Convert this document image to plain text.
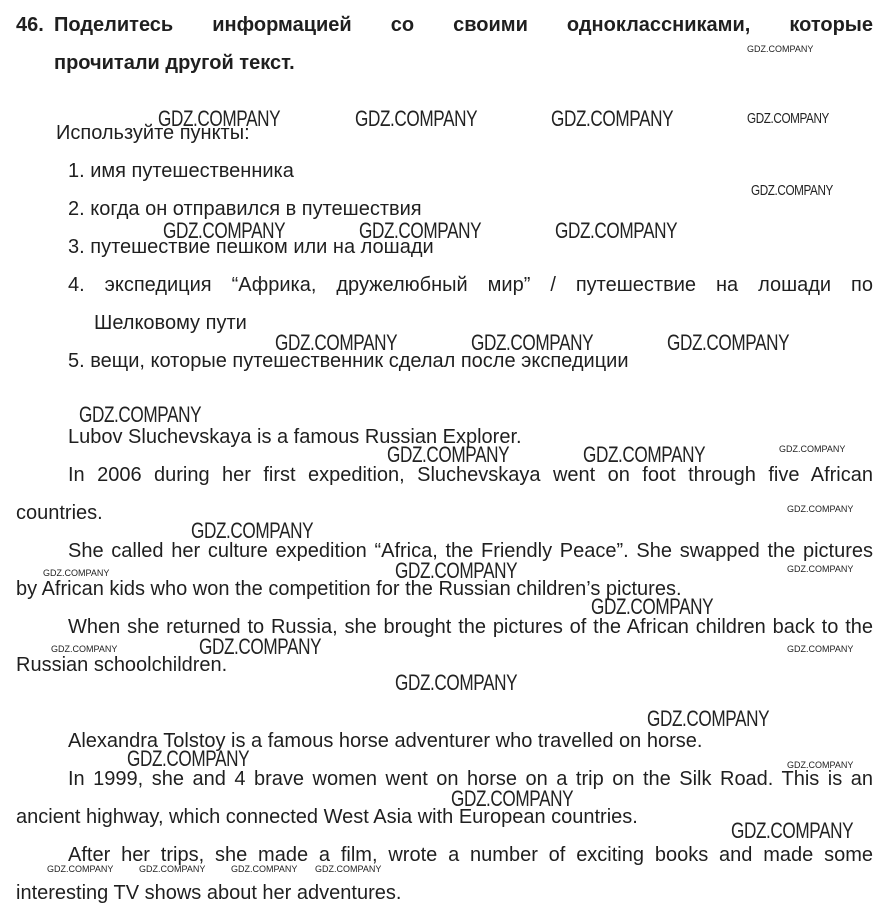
46. Поделитесь информацией со своими одноклассниками, которые
прочитали другой текст.
Используйте пункты:
1. имя путешественника
2. когда он отправился в путешествия
3. путешествие пешком или на лошади
4. экспедиция “Африка, дружелюбный мир” / путешествие на лошади по
Шелковому пути
5. вещи, которые путешественник сделал после экспедиции

Lubov Sluchevskaya is a famous Russian Explorer.

In 2006 during her first expedition, Sluchevskaya went on foot through five African countries.

She called her culture expedition “Africa, the Friendly Peace”. She swapped the pictures by African kids who won the competition for the Russian children’s pictures.

When she returned to Russia, she brought the pictures of the African children back to the Russian schoolchildren.

Alexandra Tolstoy is a famous horse adventurer who travelled on horse.

In 1999, she and 4 brave women went on horse on a trip on the Silk Road. This is an ancient highway, which connected West Asia with European countries.

After her trips, she made a film, wrote a number of exciting books and made some interesting TV shows about her adventures.

GDZ.COMPANY
GDZ.COMPANY	GDZ.COMPANY	GDZ.COMPANY	GDZ.COMPANY
GDZ.COMPANY
GDZ.COMPANY	GDZ.COMPANY	GDZ.COMPANY
GDZ.COMPANY	GDZ.COMPANY	GDZ.COMPANY
GDZ.COMPANY
GDZ.COMPANY	GDZ.COMPANY	GDZ.COMPANY
GDZ.COMPANY
GDZ.COMPANY
GDZ.COMPANY	GDZ.COMPANY	GDZ.COMPANY
GDZ.COMPANY
GDZ.COMPANY	GDZ.COMPANY	GDZ.COMPANY
GDZ.COMPANY
GDZ.COMPANY
GDZ.COMPANY	GDZ.COMPANY
GDZ.COMPANY
GDZ.COMPANY
GDZ.COMPANY	GDZ.COMPANY	GDZ.COMPANY GDZ.COMPANY
